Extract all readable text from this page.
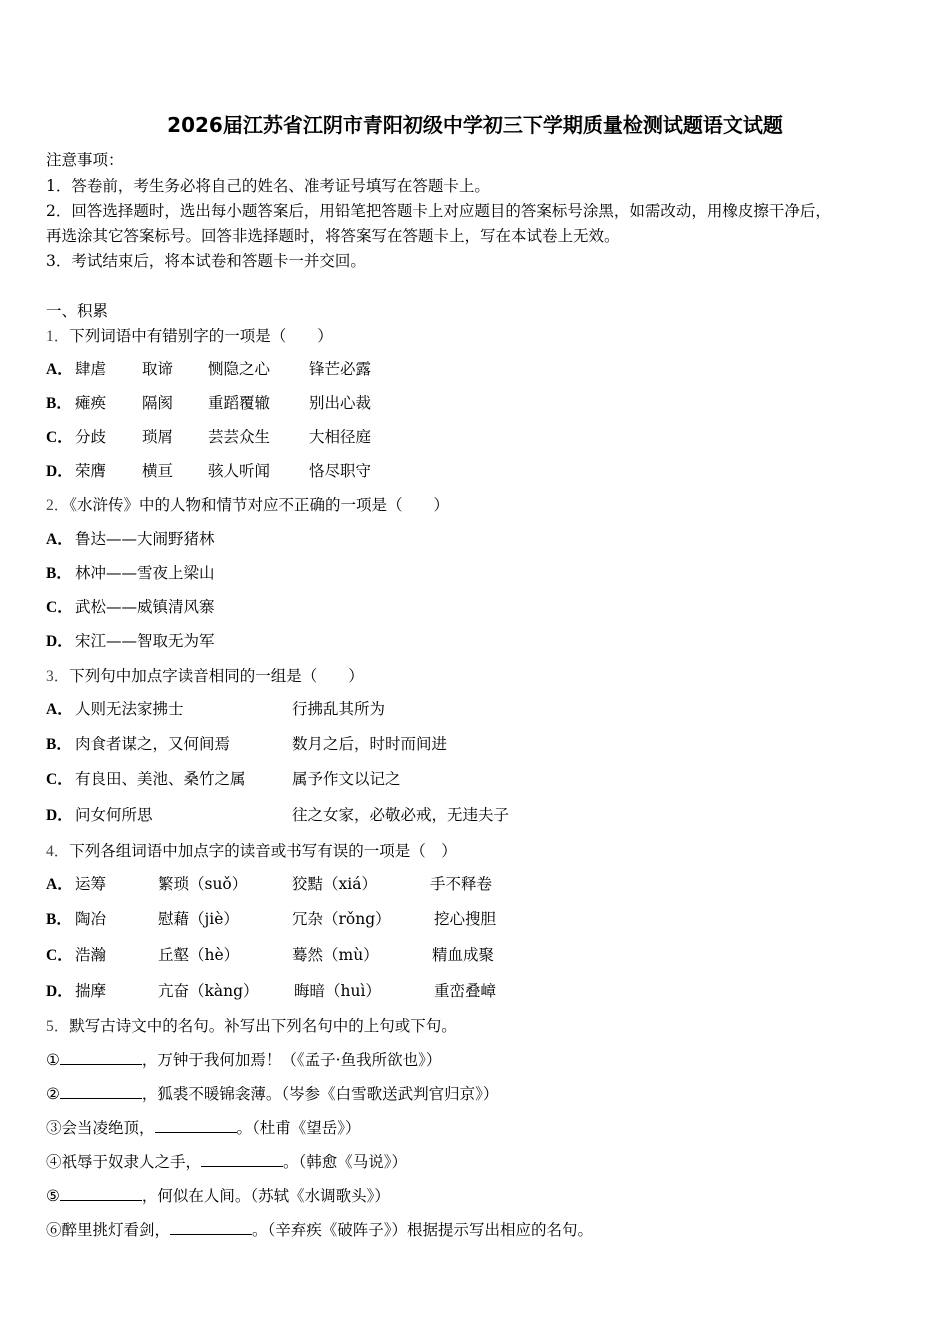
2026届江苏省江阴市青阳初级中学初三下学期质量检测试题语文试题
注意事项：
1．答卷前，考生务必将自己的姓名、准考证号填写在答题卡上。
2．回答选择题时，选出每小题答案后，用铅笔把答题卡上对应题目的答案标号涂黑，如需改动，用橡皮擦干净后，
再选涂其它答案标号。回答非选择题时，将答案写在答题卡上，写在本试卷上无效。
3．考试结束后，将本试卷和答题卡一并交回。
一、积累
1．下列词语中有错别字的一项是（　　）
A． 肆虐 取谛 恻隐之心	锋芒必露
B． 瘫痪 隔阂 重蹈覆辙	别出心裁
C． 分歧 琐屑 芸芸众生	大相径庭
D． 荣膺 横亘 骇人听闻	恪尽职守
2．《水浒传》中的人物和情节对应不正确的一项是（　　）
A． 鲁达——大闹野猪林
B． 林冲——雪夜上梁山
C． 武松——威镇清风寨
D． 宋江——智取无为军
3．下列句中加点字读音相同的一组是（　　）
A． 人则无法家拂士	行拂乱其所为
B． 肉食者谋之，又何间焉	数月之后，时时而间进
C． 有良田、美池、桑竹之属	属予作文以记之
D． 问女何所思	往之女家，必敬必戒，无违夫子
4．下列各组词语中加点字的读音或书写有误的一项是（　）
A． 运筹	繁琐（suǒ）	狡黠（xiá）	手不释卷
B． 陶冶	慰藉（jiè）	冗杂（rǒng）	挖心搜胆
C． 浩瀚	丘壑（hè）	蓦然（mù）	精血成聚
D． 揣摩	亢奋（kàng） 晦暗（huì）	重峦叠嶂
5．默写古诗文中的名句。补写出下列名句中的上句或下句。
①	，万钟于我何加焉！（《孟子·鱼我所欲也》）
②	，狐裘不暖锦衾薄。（岑参《白雪歌送武判官归京》）
③会当凌绝顶，	。（杜甫《望岳》）
④祇辱于奴隶人之手，	。（韩愈《马说》）
⑤	，何似在人间。（苏轼《水调歌头》）
⑥醉里挑灯看剑，	。（辛弃疾《破阵子》）根据提示写出相应的名句。
